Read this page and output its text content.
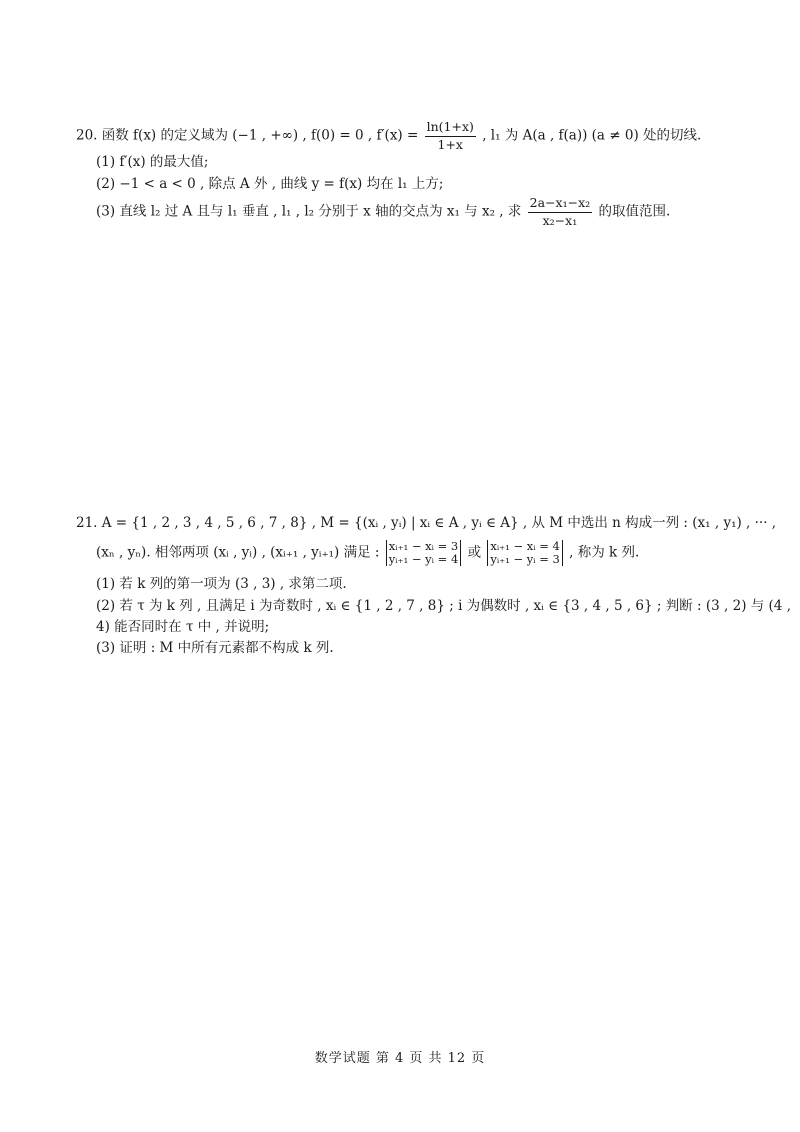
20. 函数 f(x) 的定义域为 (−1 , +∞) , f(0) = 0 , $f'(x) = \frac{\ln(1+x)}{1+x}$ , l₁ 为 A(a , f(a)) (a ≠ 0) 处的切线.
(1) f′(x) 的最大值;
(2) −1 < a < 0 , 除点 A 外 , 曲线 y = f(x) 均在 l₁ 上方;
(3) 直线 l₂ 过 A 且与 l₁ 垂直 , l₁ , l₂ 分别于 x 轴的交点为 x₁ 与 x₂ , 求 $\frac{\text{2a−x₁−x₂}}{\text{x₂−x₁}}$ 的取值范围.
21. A = {1 , 2 , 3 , 4 , 5 , 6 , 7 , 8} , M = {(xᵢ , yᵢ) | xᵢ ∈ A , yᵢ ∈ A} , 从 M 中选出 n 构成一列 : (x₁ , y₁) , ··· ,
(xₙ , yₙ). 相邻两项 (xᵢ , yᵢ) , (xᵢ₊₁ , yᵢ₊₁) 满足 : xᵢ₊₁ − xᵢ = 3
yᵢ₊₁ − yᵢ = 4 或 xᵢ₊₁ − xᵢ = 4
yᵢ₊₁ − yᵢ = 3 , 称为 k 列.
(1) 若 k 列的第一项为 (3 , 3) , 求第二项.
(2) 若 τ 为 k 列 , 且满足 i 为奇数时 , xᵢ ∈ {1 , 2 , 7 , 8} ; i 为偶数时 , xᵢ ∈ {3 , 4 , 5 , 6} ; 判断 : (3 , 2) 与 (4 ,
4) 能否同时在 τ 中 , 并说明;
(3) 证明 : M 中所有元素都不构成 k 列.
数学试题 第 4 页 共 12 页
